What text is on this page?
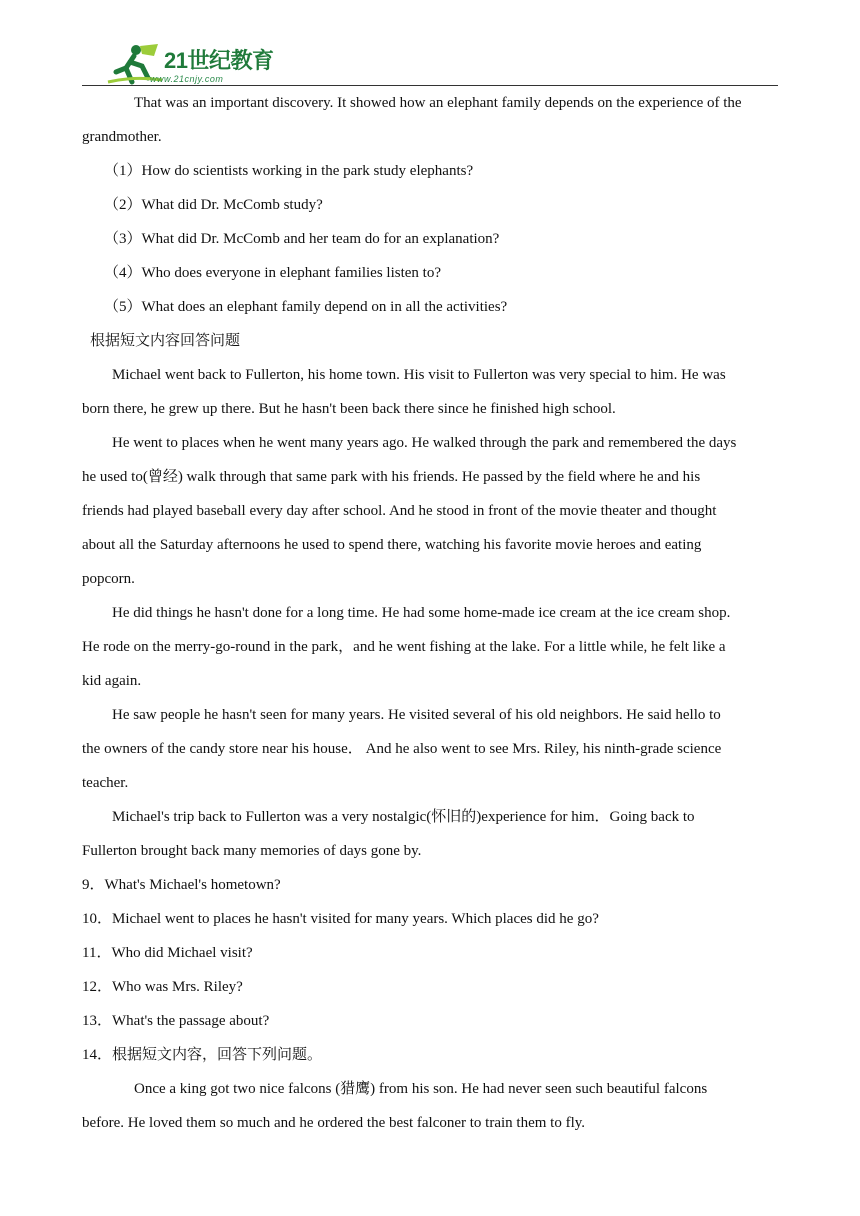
21世纪教育
www.21cnjy.com
That was an important discovery. It showed how an elephant family depends on the experience of the
grandmother.
（1）How do scientists working in the park study elephants?
（2）What did Dr. McComb study?
（3）What did Dr. McComb and her team do for an explanation?
（4）Who does everyone in elephant families listen to?
（5）What does an elephant family depend on in all the activities?
根据短文内容回答问题
Michael went back to Fullerton, his home town. His visit to Fullerton was very special to him. He was
born there, he grew up there. But he hasn't been back there since he finished high school.
He went to places when he went many years ago. He walked through the park and remembered the days
he used to(曾经) walk through that same park with his friends. He passed by the field where he and his
friends had played baseball every day after school. And he stood in front of the movie theater and thought
about all the Saturday afternoons he used to spend there, watching his favorite movie heroes and eating
popcorn.
He did things he hasn't done for a long time. He had some home-made ice cream at the ice cream shop.
He rode on the merry-go-round in the park，and he went fishing at the lake. For a little while, he felt like a
kid again.
He saw people he hasn't seen for many years. He visited several of his old neighbors. He said hello to
the owners of the candy store near his house． And he also went to see Mrs. Riley, his ninth-grade science
teacher.
Michael's trip back to Fullerton was a very nostalgic(怀旧的)experience for him．Going back to
Fullerton brought back many memories of days gone by.
9．What's Michael's hometown?
10．Michael went to places he hasn't visited for many years. Which places did he go?
11．Who did Michael visit?
12．Who was Mrs. Riley?
13．What's the passage about?
14．根据短文内容，回答下列问题。
Once a king got two nice falcons (猎鹰) from his son. He had never seen such beautiful falcons
before. He loved them so much and he ordered the best falconer to train them to fly.
